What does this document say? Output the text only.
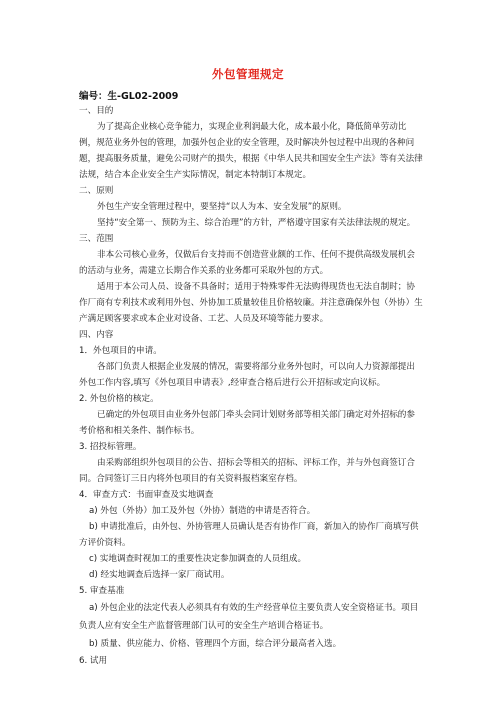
外包管理规定
编号：生-GL02-2009

一、目的

为了提高企业核心竞争能力，实现企业利润最大化，成本最小化，降低简单劳动比例，规范业务外包的管理，加强外包企业的安全管理，及时解决外包过程中出现的各种问题，提高服务质量，避免公司财产的损失，根据《中华人民共和国安全生产法》等有关法律法规，结合本企业安全生产实际情况，制定本特制订本规定。

二、原则

外包生产安全管理过程中，要坚持“以人为本、安全发展”的原则。

坚持“安全第一、预防为主、综合治理”的方针，严格遵守国家有关法律法规的规定。

三、范围

非本公司核心业务，仅做后台支持而不创造营业额的工作、任何不提供高级发展机会的活动与业务，需建立长期合作关系的业务都可采取外包的方式。

适用于本公司人员、设备不具备时；适用于特殊零件无法购得现货也无法自制时；协作厂商有专利技术或利用外包、外协加工质量较佳且价格较廉。并注意确保外包（外协）生产满足顾客要求或本企业对设备、工艺、人员及环境等能力要求。

四、内容

1．外包项目的申请。

各部门负责人根据企业发展的情况，需要将部分业务外包时，可以向人力资源部提出外包工作内容,填写《外包项目申请表》,经审查合格后进行公开招标或定向议标。

2. 外包价格的核定。

已确定的外包项目由业务外包部门牵头会同计划财务部等相关部门确定对外招标的参考价格和相关条件、制作标书。

3. 招投标管理。

由采购部组织外包项目的公告、招标会等相关的招标、评标工作，并与外包商签订合同。合同签订三日内将外包项目的有关资料报档案室存档。

4．审查方式：书面审查及实地调查

a) 外包（外协）加工及外包（外协）制造的申请是否符合。

b) 申请批准后，由外包、外协管理人员确认是否有协作厂商，新加入的协作厂商填写供方评价资料。

c) 实地调查时视加工的重要性决定参加调查的人员组成。

d) 经实地调查后选择一家厂商试用。

5. 审查基准

a) 外包企业的法定代表人必须具有有效的生产经营单位主要负责人安全资格证书。项目负责人应有安全生产监督管理部门认可的安全生产培训合格证书。

b) 质量、供应能力、价格、管理四个方面，综合评分最高者入选。

6. 试用
